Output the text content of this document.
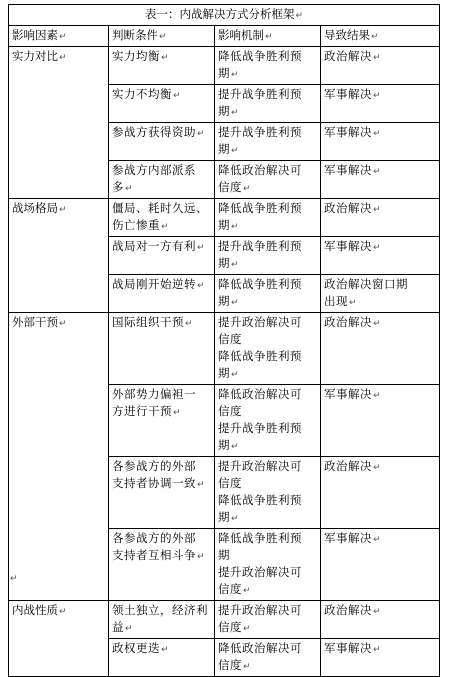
表一：内战解决方式分析框架↵			
影响因素↵	判断条件↵	影响机制↵	导致结果↵
实力对比↵	实力均衡↵	降低战争胜利预
期↵	政治解决↵
	实力不均衡↵	提升战争胜利预
期↵	军事解决↵
	参战方获得资助↵	提升战争胜利预
期↵	军事解决↵

	参战方内部派系
多↵	降低政治解决可
信度↵	军事解决↵
战场格局↵	僵局、耗时久远、
伤亡惨重↵	降低战争胜利预
期↵	政治解决↵
	战局对一方有利↵	提升战争胜利预
期↵	军事解决↵
	战局刚开始逆转↵	降低战争胜利预
期↵	政治解决窗口期
出现↵
外部干预↵	国际组织干预↵	提升政治解决可
信度
降低战争胜利预
期↵	政治解决↵

	外部势力偏袒一
方进行干预↵	降低政治解决可
信度
提升战争胜利预
期↵	军事解决↵

	各参战方的外部
支持者协调一致↵	提升政治解决可
信度
降低战争胜利预
期↵	政治解决↵

	各参战方的外部
支持者互相斗争↵	降低战争胜利预
期
提升政治解决可
信度↵	军事解决↵
内战性质↵	领土独立，经济利
益↵	提升政治解决可
信度↵	政治解决↵
	政权更迭↵	降低政治解决可
信度↵	军事解决↵
↵
